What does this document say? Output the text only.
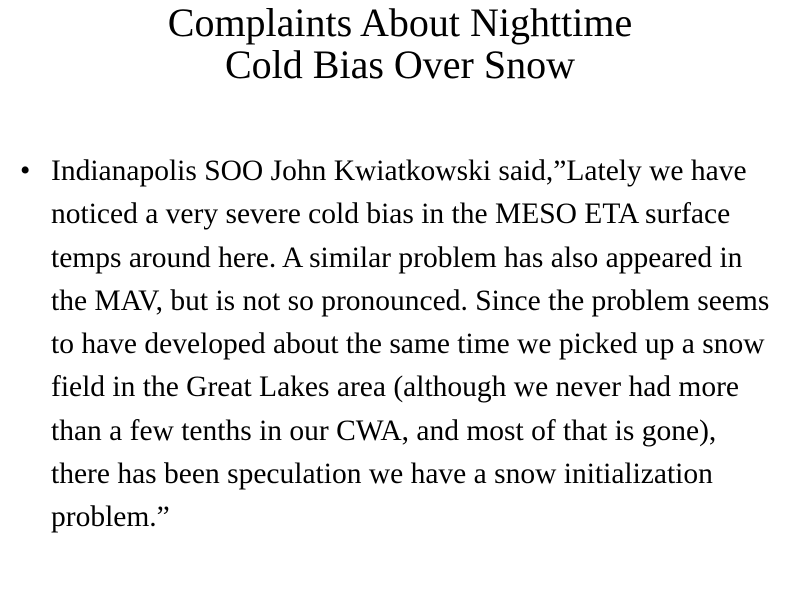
Complaints About Nighttime
Cold Bias Over Snow
• Indianapolis SOO John Kwiatkowski said,”Lately we have noticed a very severe cold bias in the MESO ETA surface temps around here. A similar problem has also appeared in the MAV, but is not so pronounced. Since the problem seems to have developed about the same time we picked up a snow field in the Great Lakes area (although we never had more than a few tenths in our CWA, and most of that is gone), there has been speculation we have a snow initialization problem.”
